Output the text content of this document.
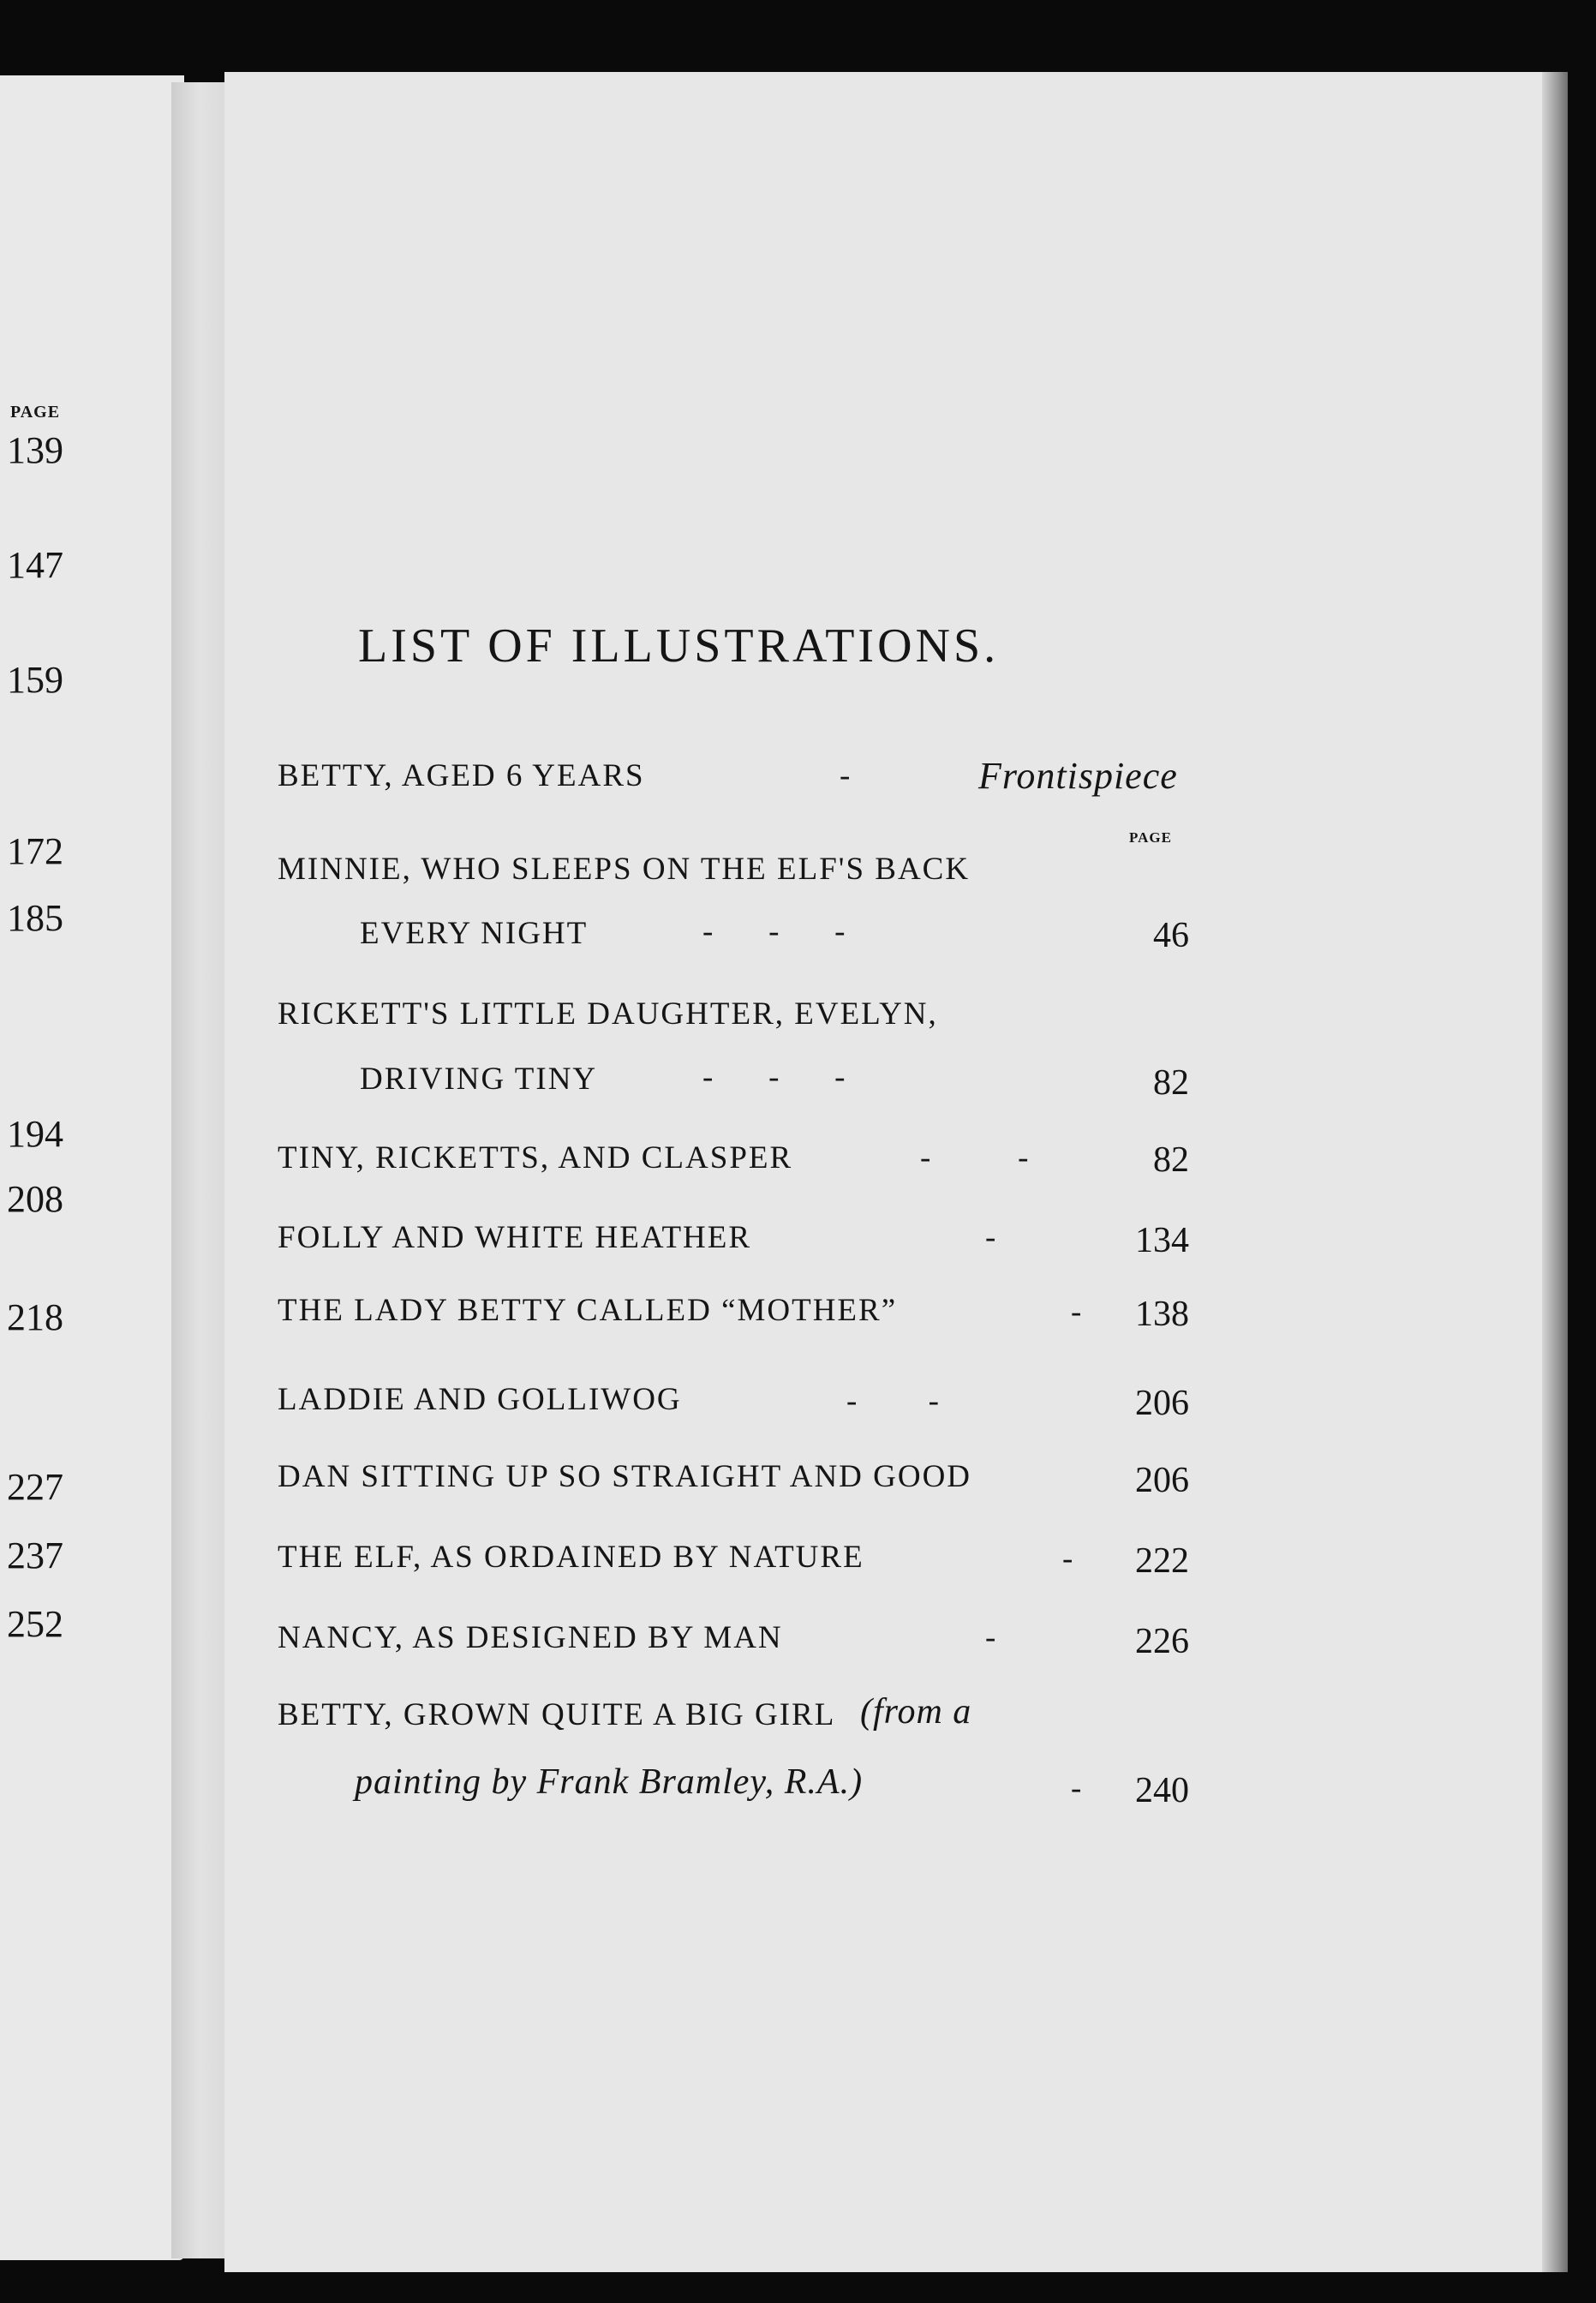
PAGE
139
147
159
172
185
194
208
218
227
237
252
LIST OF ILLUSTRATIONS.
BETTY, AGED 6 YEARS	-	Frontispiece
PAGE
MINNIE, WHO SLEEPS ON THE ELF'S BACK
EVERY NIGHT	-       -       -	46
RICKETT'S LITTLE DAUGHTER, EVELYN,
DRIVING TINY	-       -       -	82
TINY, RICKETTS, AND CLASPER	-           -	82
FOLLY AND WHITE HEATHER	-	134
THE LADY BETTY CALLED “MOTHER”	- 138
LADDIE AND GOLLIWOG	-         -	206
DAN SITTING UP SO STRAIGHT AND GOOD	206
THE ELF, AS ORDAINED BY NATURE	- 222
NANCY, AS DESIGNED BY MAN	-	226
BETTY, GROWN QUITE A BIG GIRL (from a
painting by Frank Bramley, R.A.)	- 240
